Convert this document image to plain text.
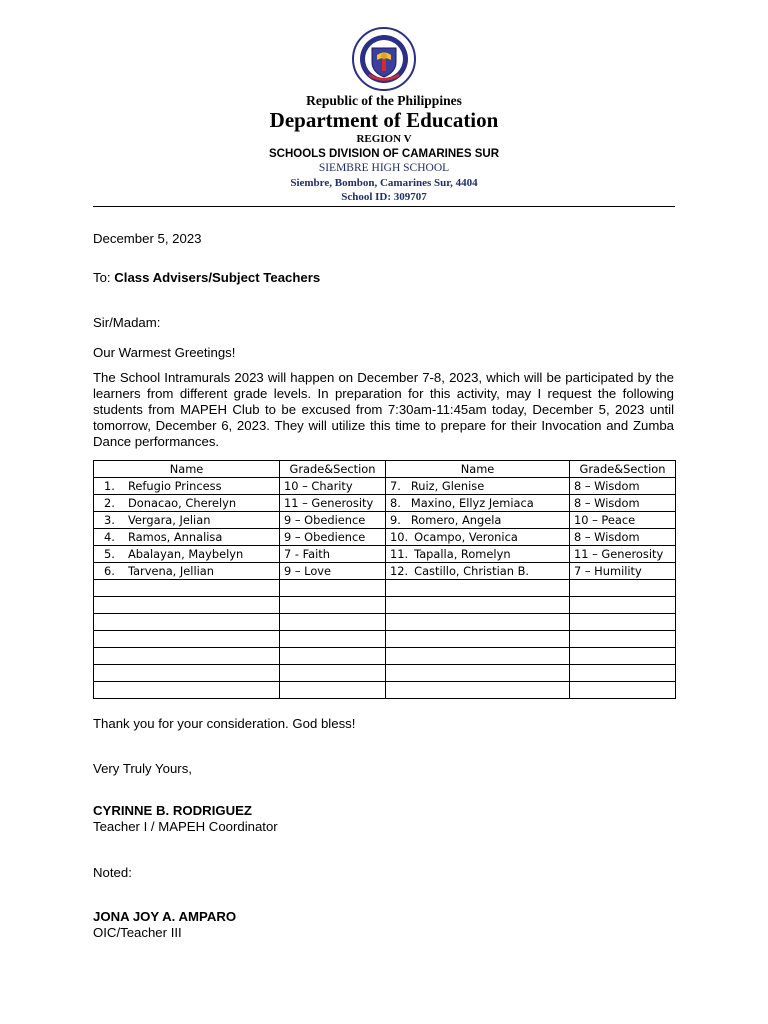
Republic of the Philippines
Department of Education
REGION V
SCHOOLS DIVISION OF CAMARINES SUR
SIEMBRE HIGH SCHOOL
Siembre, Bombon, Camarines Sur, 4404
School ID: 309707
December 5, 2023
To: Class Advisers/Subject Teachers
Sir/Madam:
Our Warmest Greetings!
The School Intramurals 2023 will happen on December 7-8, 2023, which will be participated by the learners from different grade levels. In preparation for this activity, may I request the following students from MAPEH Club to be excused from 7:30am-11:45am today, December 5, 2023 until tomorrow, December 6, 2023. They will utilize this time to prepare for their Invocation and Zumba Dance performances.
Name	Grade&Section	Name	Grade&Section
1. Refugio Princess	10 – Charity	7. Ruiz, Glenise	8 – Wisdom
2. Donacao, Cherelyn	11 – Generosity	8. Maxino, Ellyz Jemiaca	8 – Wisdom
3. Vergara, Jelian	9 – Obedience	9. Romero, Angela	10 – Peace
4. Ramos, Annalisa	9 – Obedience	10. Ocampo, Veronica	8 – Wisdom
5. Abalayan, Maybelyn	7 - Faith	11. Tapalla, Romelyn	11 – Generosity
6. Tarvena, Jellian	9 – Love	12. Castillo, Christian B.	7 – Humility

Thank you for your consideration. God bless!
Very Truly Yours,
CYRINNE B. RODRIGUEZ
Teacher I / MAPEH Coordinator
Noted:
JONA JOY A. AMPARO
OIC/Teacher III
